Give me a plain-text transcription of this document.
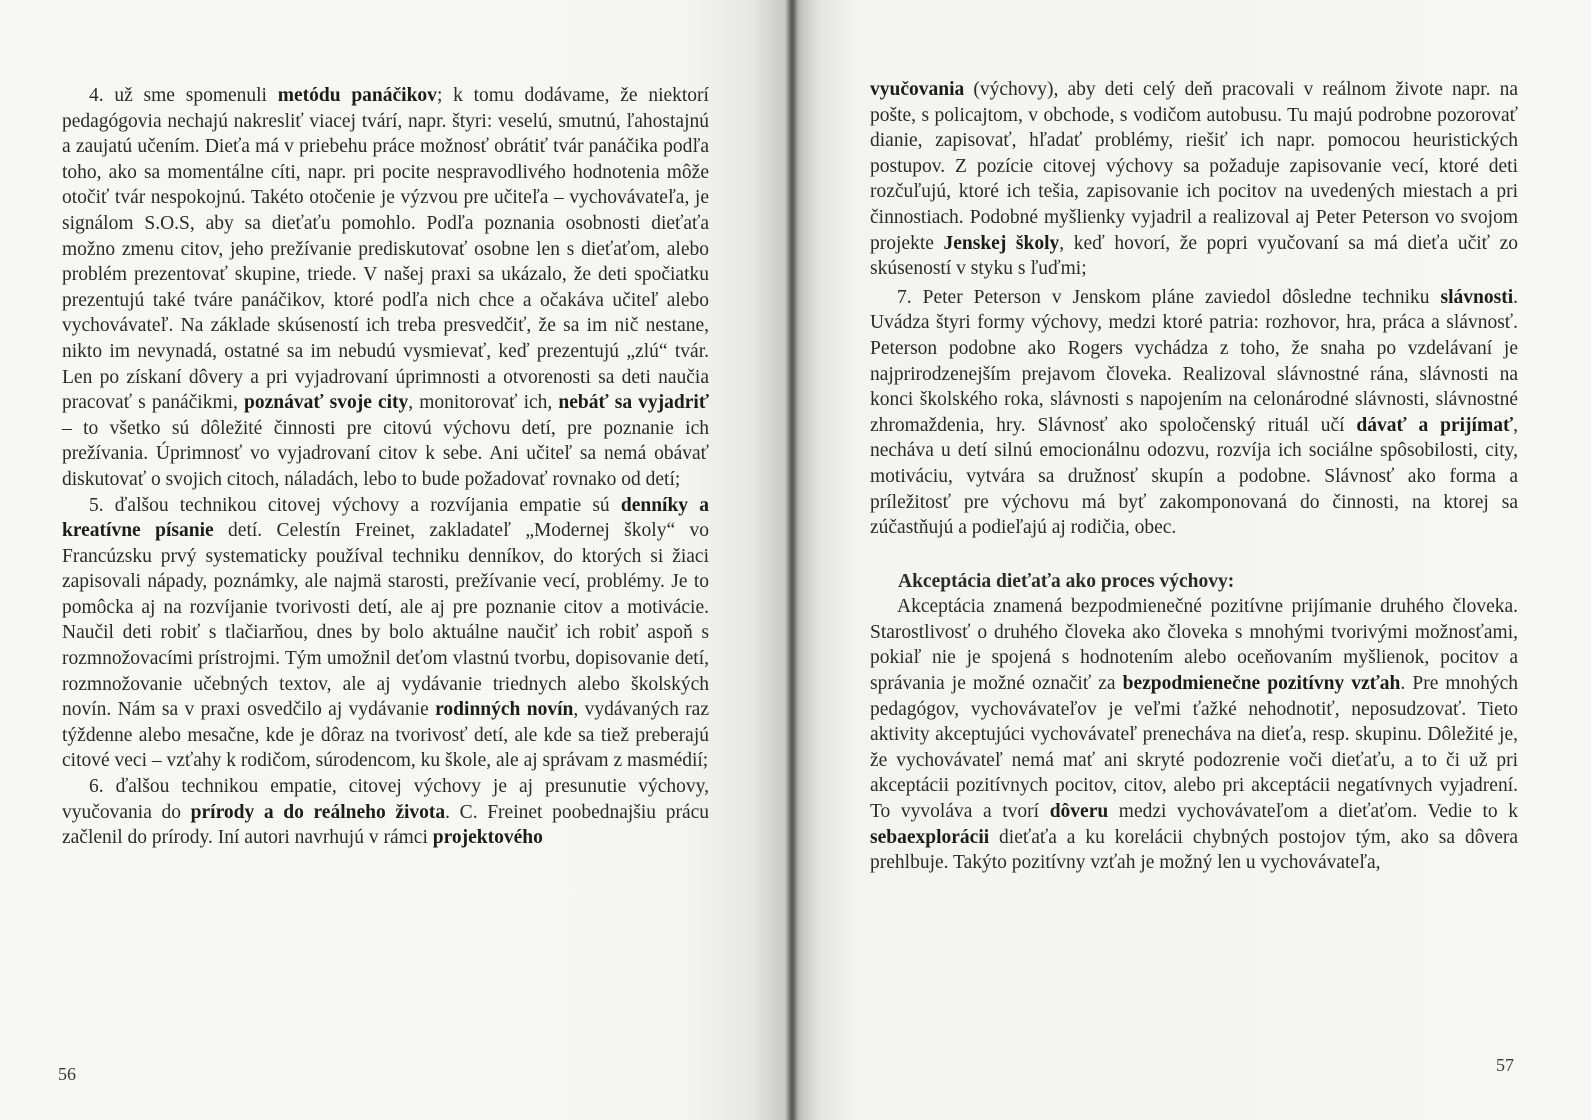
4. už sme spomenuli metódu panáčikov; k tomu dodávame, že niektorí pedagógovia nechajú nakresliť viacej tvárí, napr. štyri: veselú, smutnú, ľahostajnú a zaujatú učením. Dieťa má v priebehu práce možnosť obrátiť tvár panáčika podľa toho, ako sa momentálne cíti, napr. pri pocite nespravodlivého hodnotenia môže otočiť tvár nespokojnú. Takéto otočenie je výzvou pre učiteľa – vychovávateľa, je signálom S.O.S, aby sa dieťaťu pomohlo. Podľa poznania osobnosti dieťaťa možno zmenu citov, jeho prežívanie prediskutovať osobne len s dieťaťom, alebo problém prezentovať skupine, triede. V našej praxi sa ukázalo, že deti spočiatku prezentujú také tváre panáčikov, ktoré podľa nich chce a očakáva učiteľ alebo vychovávateľ. Na základe skúseností ich treba presvedčiť, že sa im nič nestane, nikto im nevynadá, ostatné sa im nebudú vysmievať, keď prezentujú „zlú“ tvár. Len po získaní dôvery a pri vyjadrovaní úprimnosti a otvorenosti sa deti naučia pracovať s panáčikmi, poznávať svoje city, monitorovať ich, nebáť sa vyjadriť – to všetko sú dôležité činnosti pre citovú výchovu detí, pre poznanie ich prežívania. Úprimnosť vo vyjadrovaní citov k sebe. Ani učiteľ sa nemá obávať diskutovať o svojich citoch, náladách, lebo to bude požadovať rovnako od detí;

5. ďalšou technikou citovej výchovy a rozvíjania empatie sú denníky a kreatívne písanie detí. Celestín Freinet, zakladateľ „Modernej školy“ vo Francúzsku prvý systematicky používal techniku denníkov, do ktorých si žiaci zapisovali nápady, poznámky, ale najmä starosti, prežívanie vecí, problémy. Je to pomôcka aj na rozvíjanie tvorivosti detí, ale aj pre poznanie citov a motivácie. Naučil deti robiť s tlačiarňou, dnes by bolo aktuálne naučiť ich robiť aspoň s rozmnožovacími prístrojmi. Tým umožnil deťom vlastnú tvorbu, dopisovanie detí, rozmnožovanie učebných textov, ale aj vydávanie triednych alebo školských novín. Nám sa v praxi osvedčilo aj vydávanie rodinných novín, vydávaných raz týždenne alebo mesačne, kde je dôraz na tvorivosť detí, ale kde sa tiež preberajú citové veci – vzťahy k rodičom, súrodencom, ku škole, ale aj správam z masmédií;

6. ďalšou technikou empatie, citovej výchovy je aj presunutie výchovy, vyučovania do prírody a do reálneho života. C. Freinet poobednajšiu prácu začlenil do prírody. Iní autori navrhujú v rámci projektového

56

vyučovania (výchovy), aby deti celý deň pracovali v reálnom živote napr. na pošte, s policajtom, v obchode, s vodičom autobusu. Tu majú podrobne pozorovať dianie, zapisovať, hľadať problémy, riešiť ich napr. pomocou heuristických postupov. Z pozície citovej výchovy sa požaduje zapisovanie vecí, ktoré deti rozčuľujú, ktoré ich tešia, zapisovanie ich pocitov na uvedených miestach a pri činnostiach. Podobné myšlienky vyjadril a realizoval aj Peter Peterson vo svojom projekte Jenskej školy, keď hovorí, že popri vyučovaní sa má dieťa učiť zo skúseností v styku s ľuďmi;

7. Peter Peterson v Jenskom pláne zaviedol dôsledne techniku slávnosti. Uvádza štyri formy výchovy, medzi ktoré patria: rozhovor, hra, práca a slávnosť. Peterson podobne ako Rogers vychádza z toho, že snaha po vzdelávaní je najprirodzenejším prejavom človeka. Realizoval slávnostné rána, slávnosti na konci školského roka, slávnosti s napojením na celonárodné slávnosti, slávnostné zhromaždenia, hry. Slávnosť ako spoločenský rituál učí dávať a prijímať, necháva u detí silnú emocionálnu odozvu, rozvíja ich sociálne spôsobilosti, city, motiváciu, vytvára sa družnosť skupín a podobne. Slávnosť ako forma a príležitosť pre výchovu má byť zakomponovaná do činnosti, na ktorej sa zúčastňujú a podieľajú aj rodičia, obec.

Akceptácia dieťaťa ako proces výchovy:

Akceptácia znamená bezpodmienečné pozitívne prijímanie druhého človeka. Starostlivosť o druhého človeka ako človeka s mnohými tvorivými možnosťami, pokiaľ nie je spojená s hodnotením alebo oceňovaním myšlienok, pocitov a správania je možné označiť za bezpodmienečne pozitívny vzťah. Pre mnohých pedagógov, vychovávateľov je veľmi ťažké nehodnotiť, neposudzovať. Tieto aktivity akceptujúci vychovávateľ prenecháva na dieťa, resp. skupinu. Dôležité je, že vychovávateľ nemá mať ani skryté podozrenie voči dieťaťu, a to či už pri akceptácii pozitívnych pocitov, citov, alebo pri akceptácii negatívnych vyjadrení. To vyvoláva a tvorí dôveru medzi vychovávateľom a dieťaťom. Vedie to k sebaexplorácii dieťaťa a ku korelácii chybných postojov tým, ako sa dôvera prehlbuje. Takýto pozitívny vzťah je možný len u vychovávateľa,

57
